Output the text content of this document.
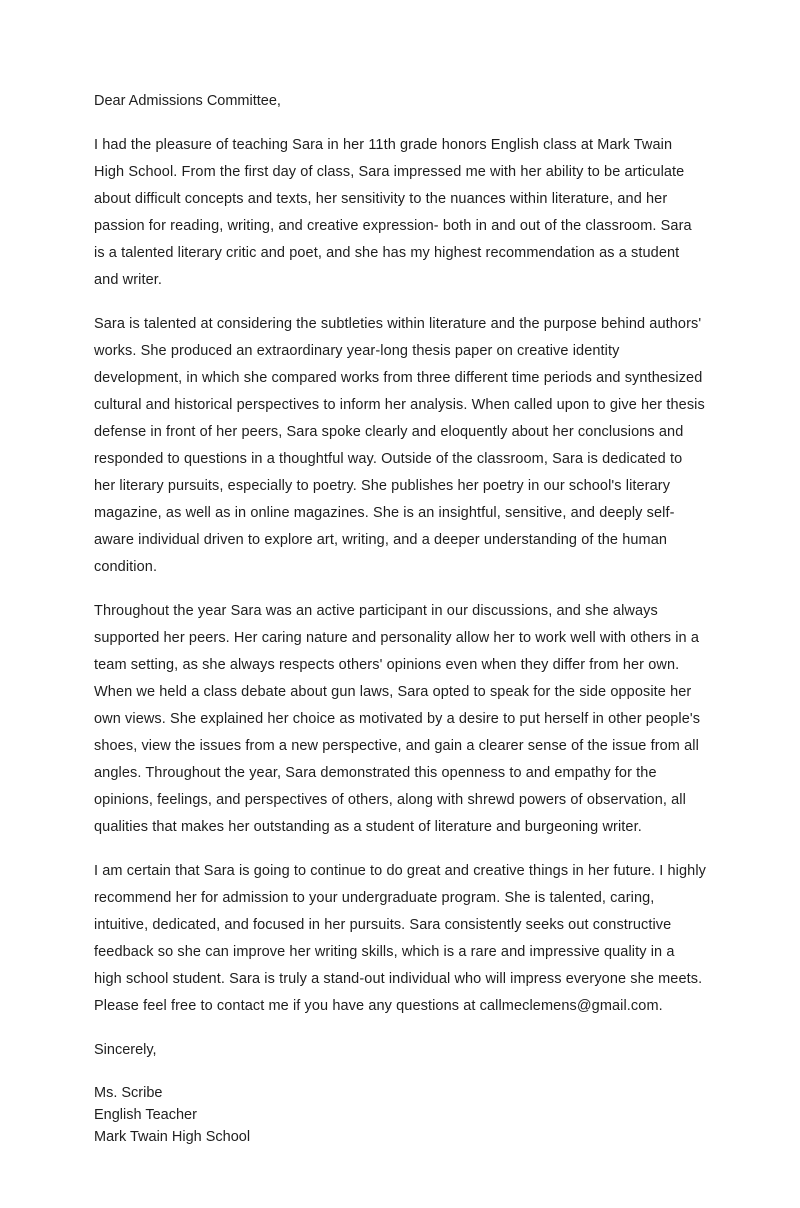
Dear Admissions Committee,

I had the pleasure of teaching Sara in her 11th grade honors English class at Mark Twain High School. From the first day of class, Sara impressed me with her ability to be articulate about difficult concepts and texts, her sensitivity to the nuances within literature, and her passion for reading, writing, and creative expression- both in and out of the classroom. Sara is a talented literary critic and poet, and she has my highest recommendation as a student and writer.

Sara is talented at considering the subtleties within literature and the purpose behind authors' works. She produced an extraordinary year-long thesis paper on creative identity development, in which she compared works from three different time periods and synthesized cultural and historical perspectives to inform her analysis. When called upon to give her thesis defense in front of her peers, Sara spoke clearly and eloquently about her conclusions and responded to questions in a thoughtful way. Outside of the classroom, Sara is dedicated to her literary pursuits, especially to poetry. She publishes her poetry in our school's literary magazine, as well as in online magazines. She is an insightful, sensitive, and deeply self-aware individual driven to explore art, writing, and a deeper understanding of the human condition.

Throughout the year Sara was an active participant in our discussions, and she always supported her peers. Her caring nature and personality allow her to work well with others in a team setting, as she always respects others' opinions even when they differ from her own. When we held a class debate about gun laws, Sara opted to speak for the side opposite her own views. She explained her choice as motivated by a desire to put herself in other people's shoes, view the issues from a new perspective, and gain a clearer sense of the issue from all angles. Throughout the year, Sara demonstrated this openness to and empathy for the opinions, feelings, and perspectives of others, along with shrewd powers of observation, all qualities that makes her outstanding as a student of literature and burgeoning writer.

I am certain that Sara is going to continue to do great and creative things in her future. I highly recommend her for admission to your undergraduate program. She is talented, caring, intuitive, dedicated, and focused in her pursuits. Sara consistently seeks out constructive feedback so she can improve her writing skills, which is a rare and impressive quality in a high school student. Sara is truly a stand-out individual who will impress everyone she meets. Please feel free to contact me if you have any questions at callmeclemens@gmail.com.

Sincerely,

Ms. Scribe

English Teacher

Mark Twain High School
